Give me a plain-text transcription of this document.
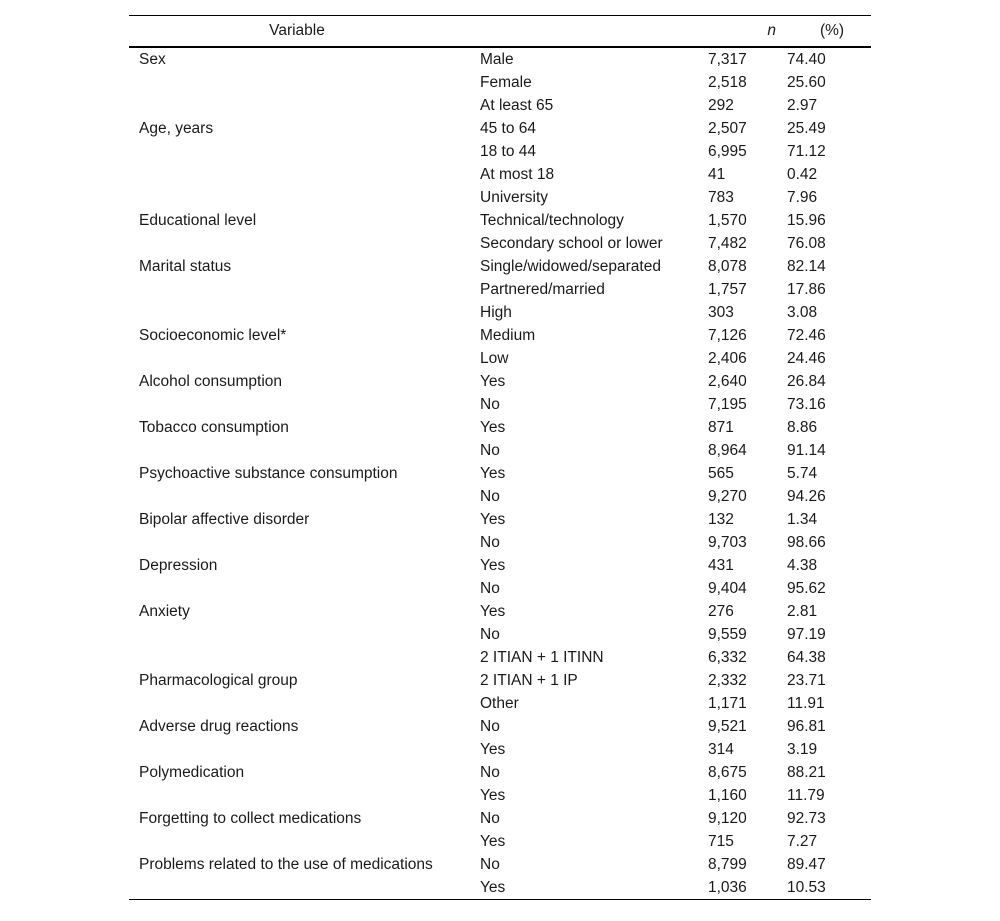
Variable		n	(%)
Sex	Male	7,317	74.40
	Female	2,518	25.60
	At least 65	292	2.97
Age, years	45 to 64	2,507	25.49
	18 to 44	6,995	71.12
	At most 18	41	0.42
	University	783	7.96
Educational level	Technical/technology	1,570	15.96
	Secondary school or lower	7,482	76.08
Marital status	Single/widowed/separated	8,078	82.14
	Partnered/married	1,757	17.86
	High	303	3.08
Socioeconomic level*	Medium	7,126	72.46
	Low	2,406	24.46
Alcohol consumption	Yes	2,640	26.84
	No	7,195	73.16
Tobacco consumption	Yes	871	8.86
	No	8,964	91.14
Psychoactive substance consumption	Yes	565	5.74
	No	9,270	94.26
Bipolar affective disorder	Yes	132	1.34
	No	9,703	98.66
Depression	Yes	431	4.38
	No	9,404	95.62
Anxiety	Yes	276	2.81
	No	9,559	97.19
	2 ITIAN + 1 ITINN	6,332	64.38
Pharmacological group	2 ITIAN + 1 IP	2,332	23.71
	Other	1,171	11.91
Adverse drug reactions	No	9,521	96.81
	Yes	314	3.19
Polymedication	No	8,675	88.21
	Yes	1,160	11.79
Forgetting to collect medications	No	9,120	92.73
	Yes	715	7.27
Problems related to the use of medications	No	8,799	89.47
	Yes	1,036	10.53
